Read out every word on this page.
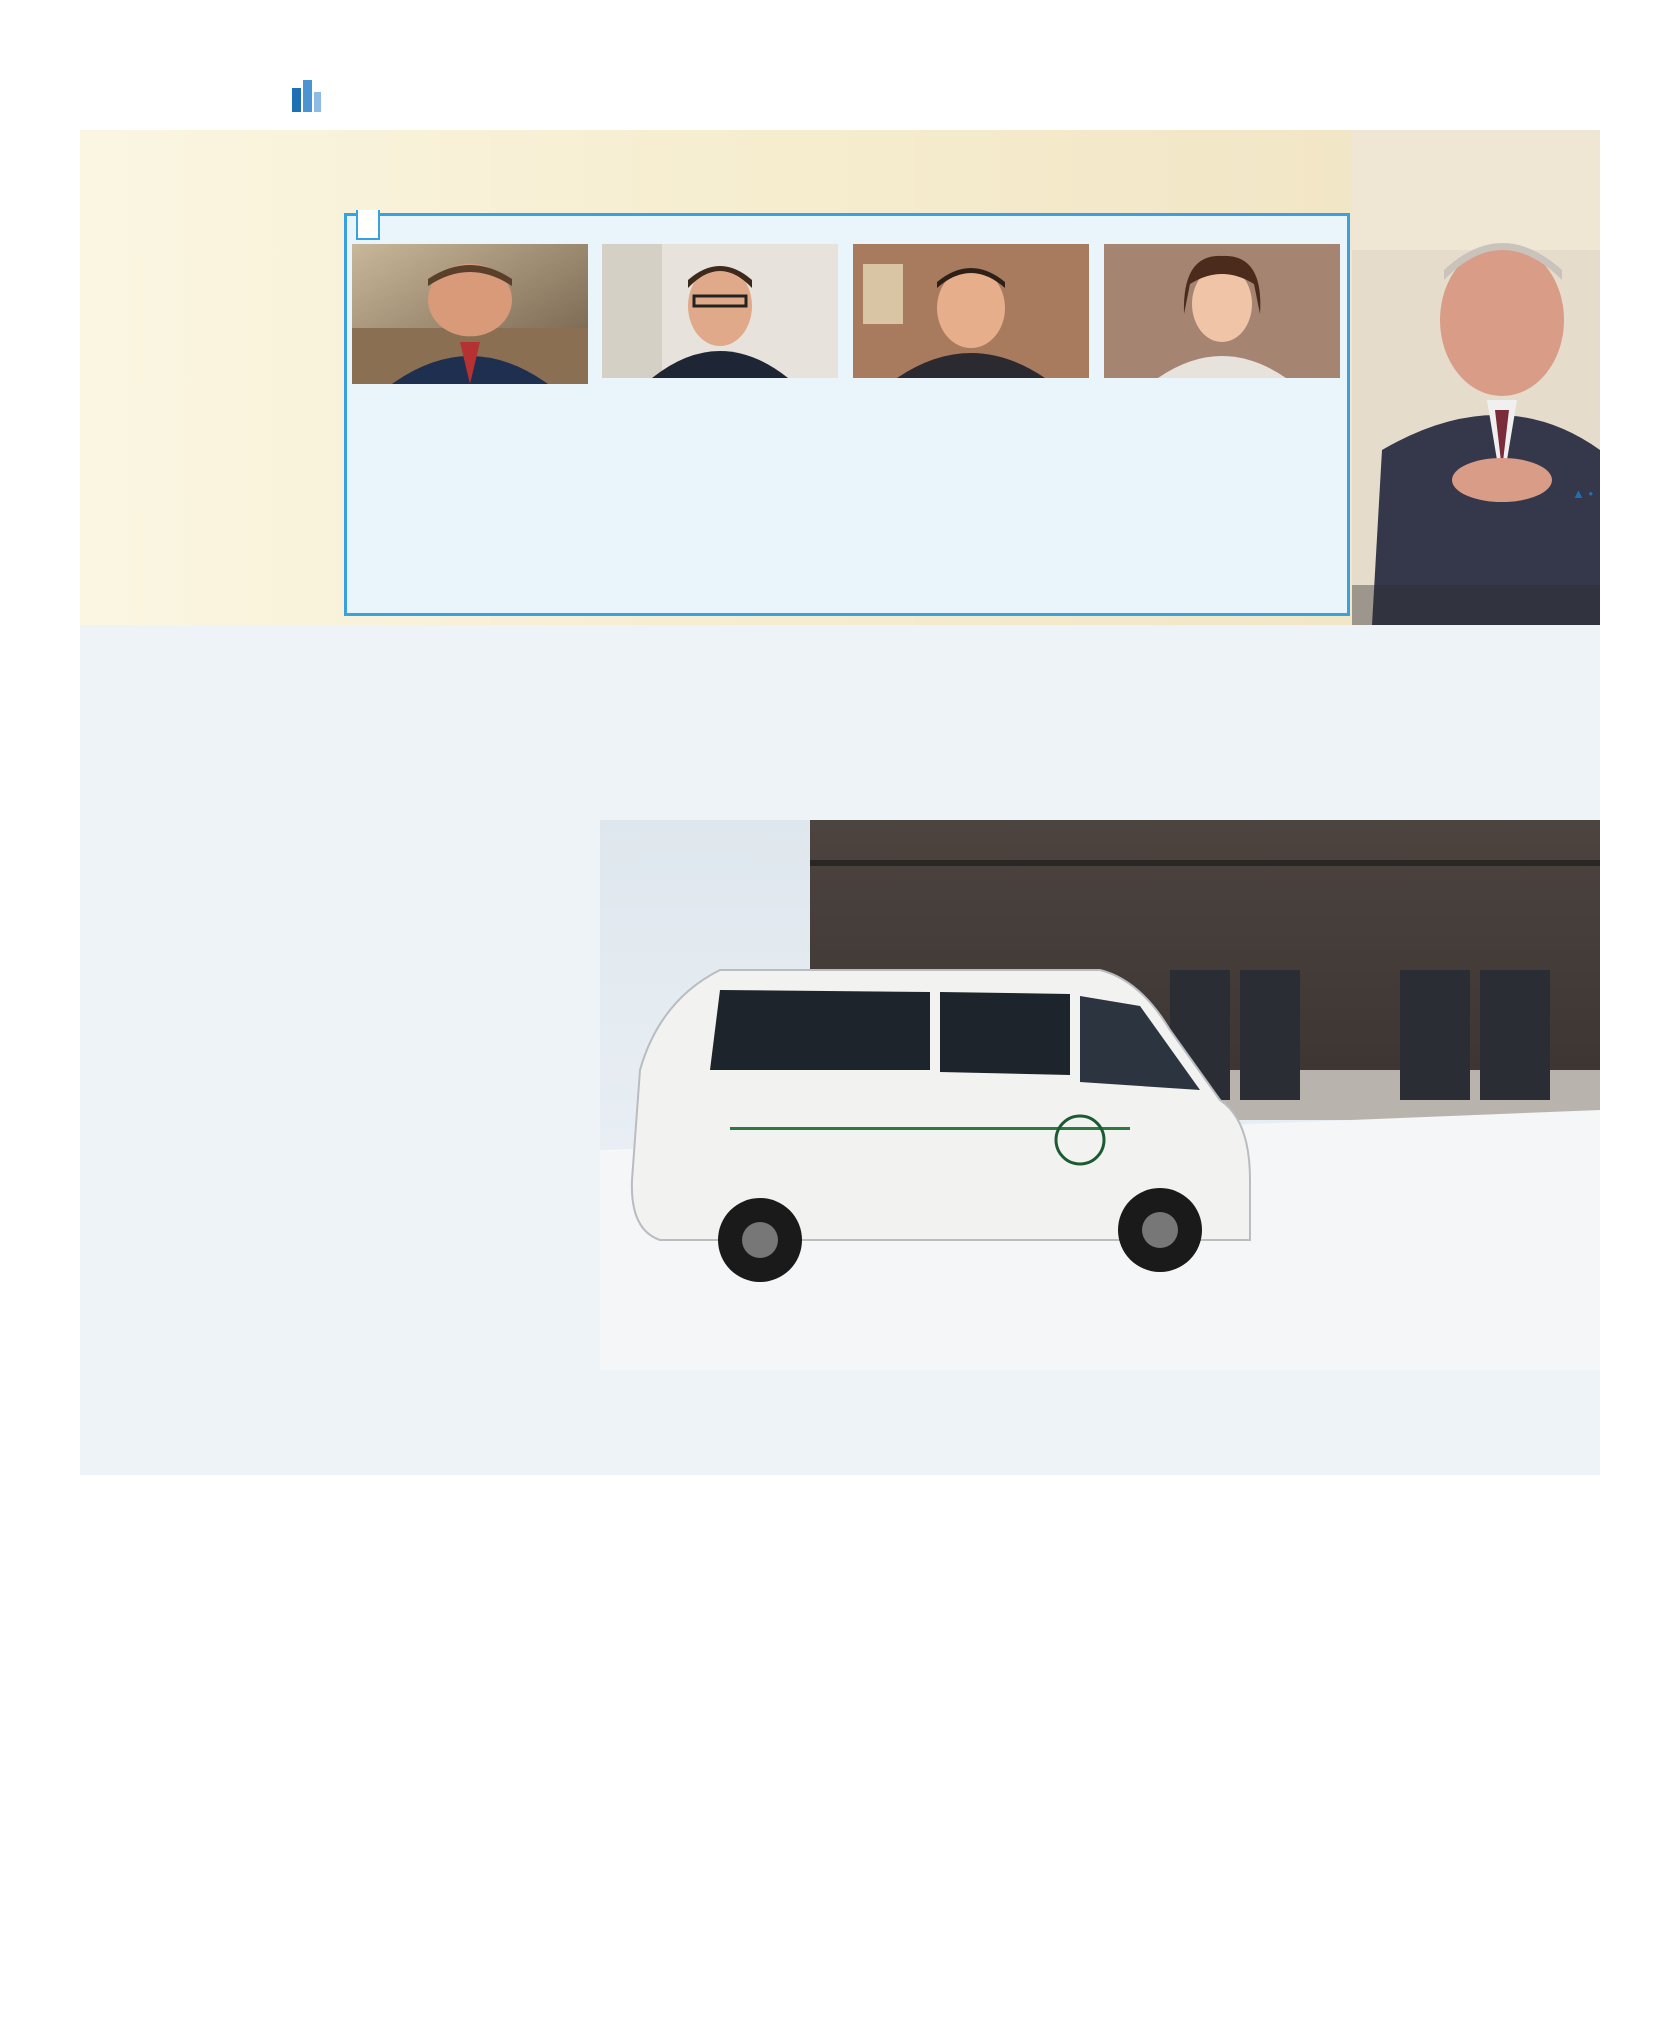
▲ •
